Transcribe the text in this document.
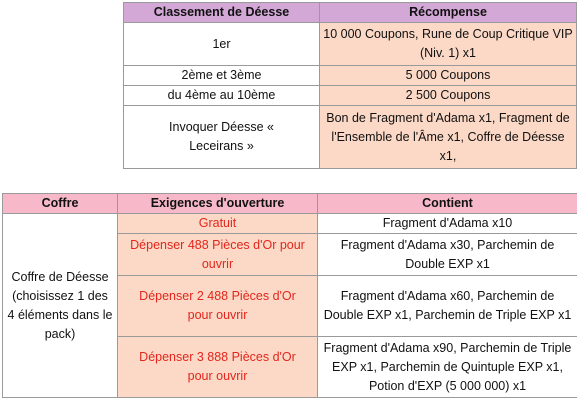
Classement de Déesse	Récompense
1er	10 000 Coupons, Rune de Coup Critique VIP (Niv. 1) x1
2ème et 3ème	5 000 Coupons
du 4ème au 10ème	2 500 Coupons
Invoquer Déesse « Leceirans »	Bon de Fragment d'Adama x1, Fragment de l'Ensemble de l'Âme x1, Coffre de Déesse x1,
Coffre	Exigences d'ouverture	Contient
Coffre de Déesse (choisissez 1 des 4 éléments dans le pack)	Gratuit	Fragment d'Adama x10
	Dépenser 488 Pièces d'Or pour ouvrir	Fragment d'Adama x30, Parchemin de Double EXP x1
	Dépenser 2 488 Pièces d'Or pour ouvrir	Fragment d'Adama x60, Parchemin de Double EXP x1, Parchemin de Triple EXP x1
	Dépenser 3 888 Pièces d'Or pour ouvrir	Fragment d'Adama x90, Parchemin de Triple EXP x1, Parchemin de Quintuple EXP x1, Potion d'EXP (5 000 000) x1
